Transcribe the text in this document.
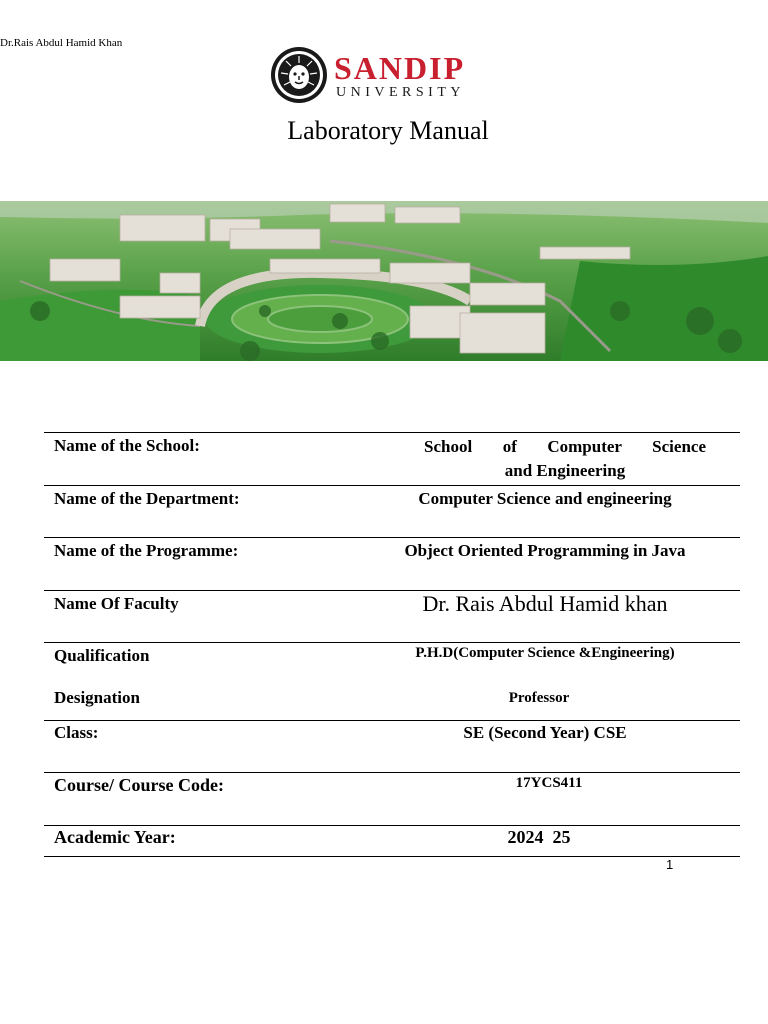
Dr.Rais Abdul Hamid Khan
SANDIP
UNIVERSITY
Laboratory Manual
Name of the School:	School of Computer Science
and Engineering
Name of the Department:	Computer Science and engineering
Name of the Programme:	Object Oriented Programming in Java
Name Of Faculty	Dr. Rais Abdul Hamid khan
Qualification	P.H.D(Computer Science &Engineering)
Designation	Professor
Class:	SE (Second Year) CSE
Course/ Course Code:	17YCS411
Academic Year:	2024  25
1
